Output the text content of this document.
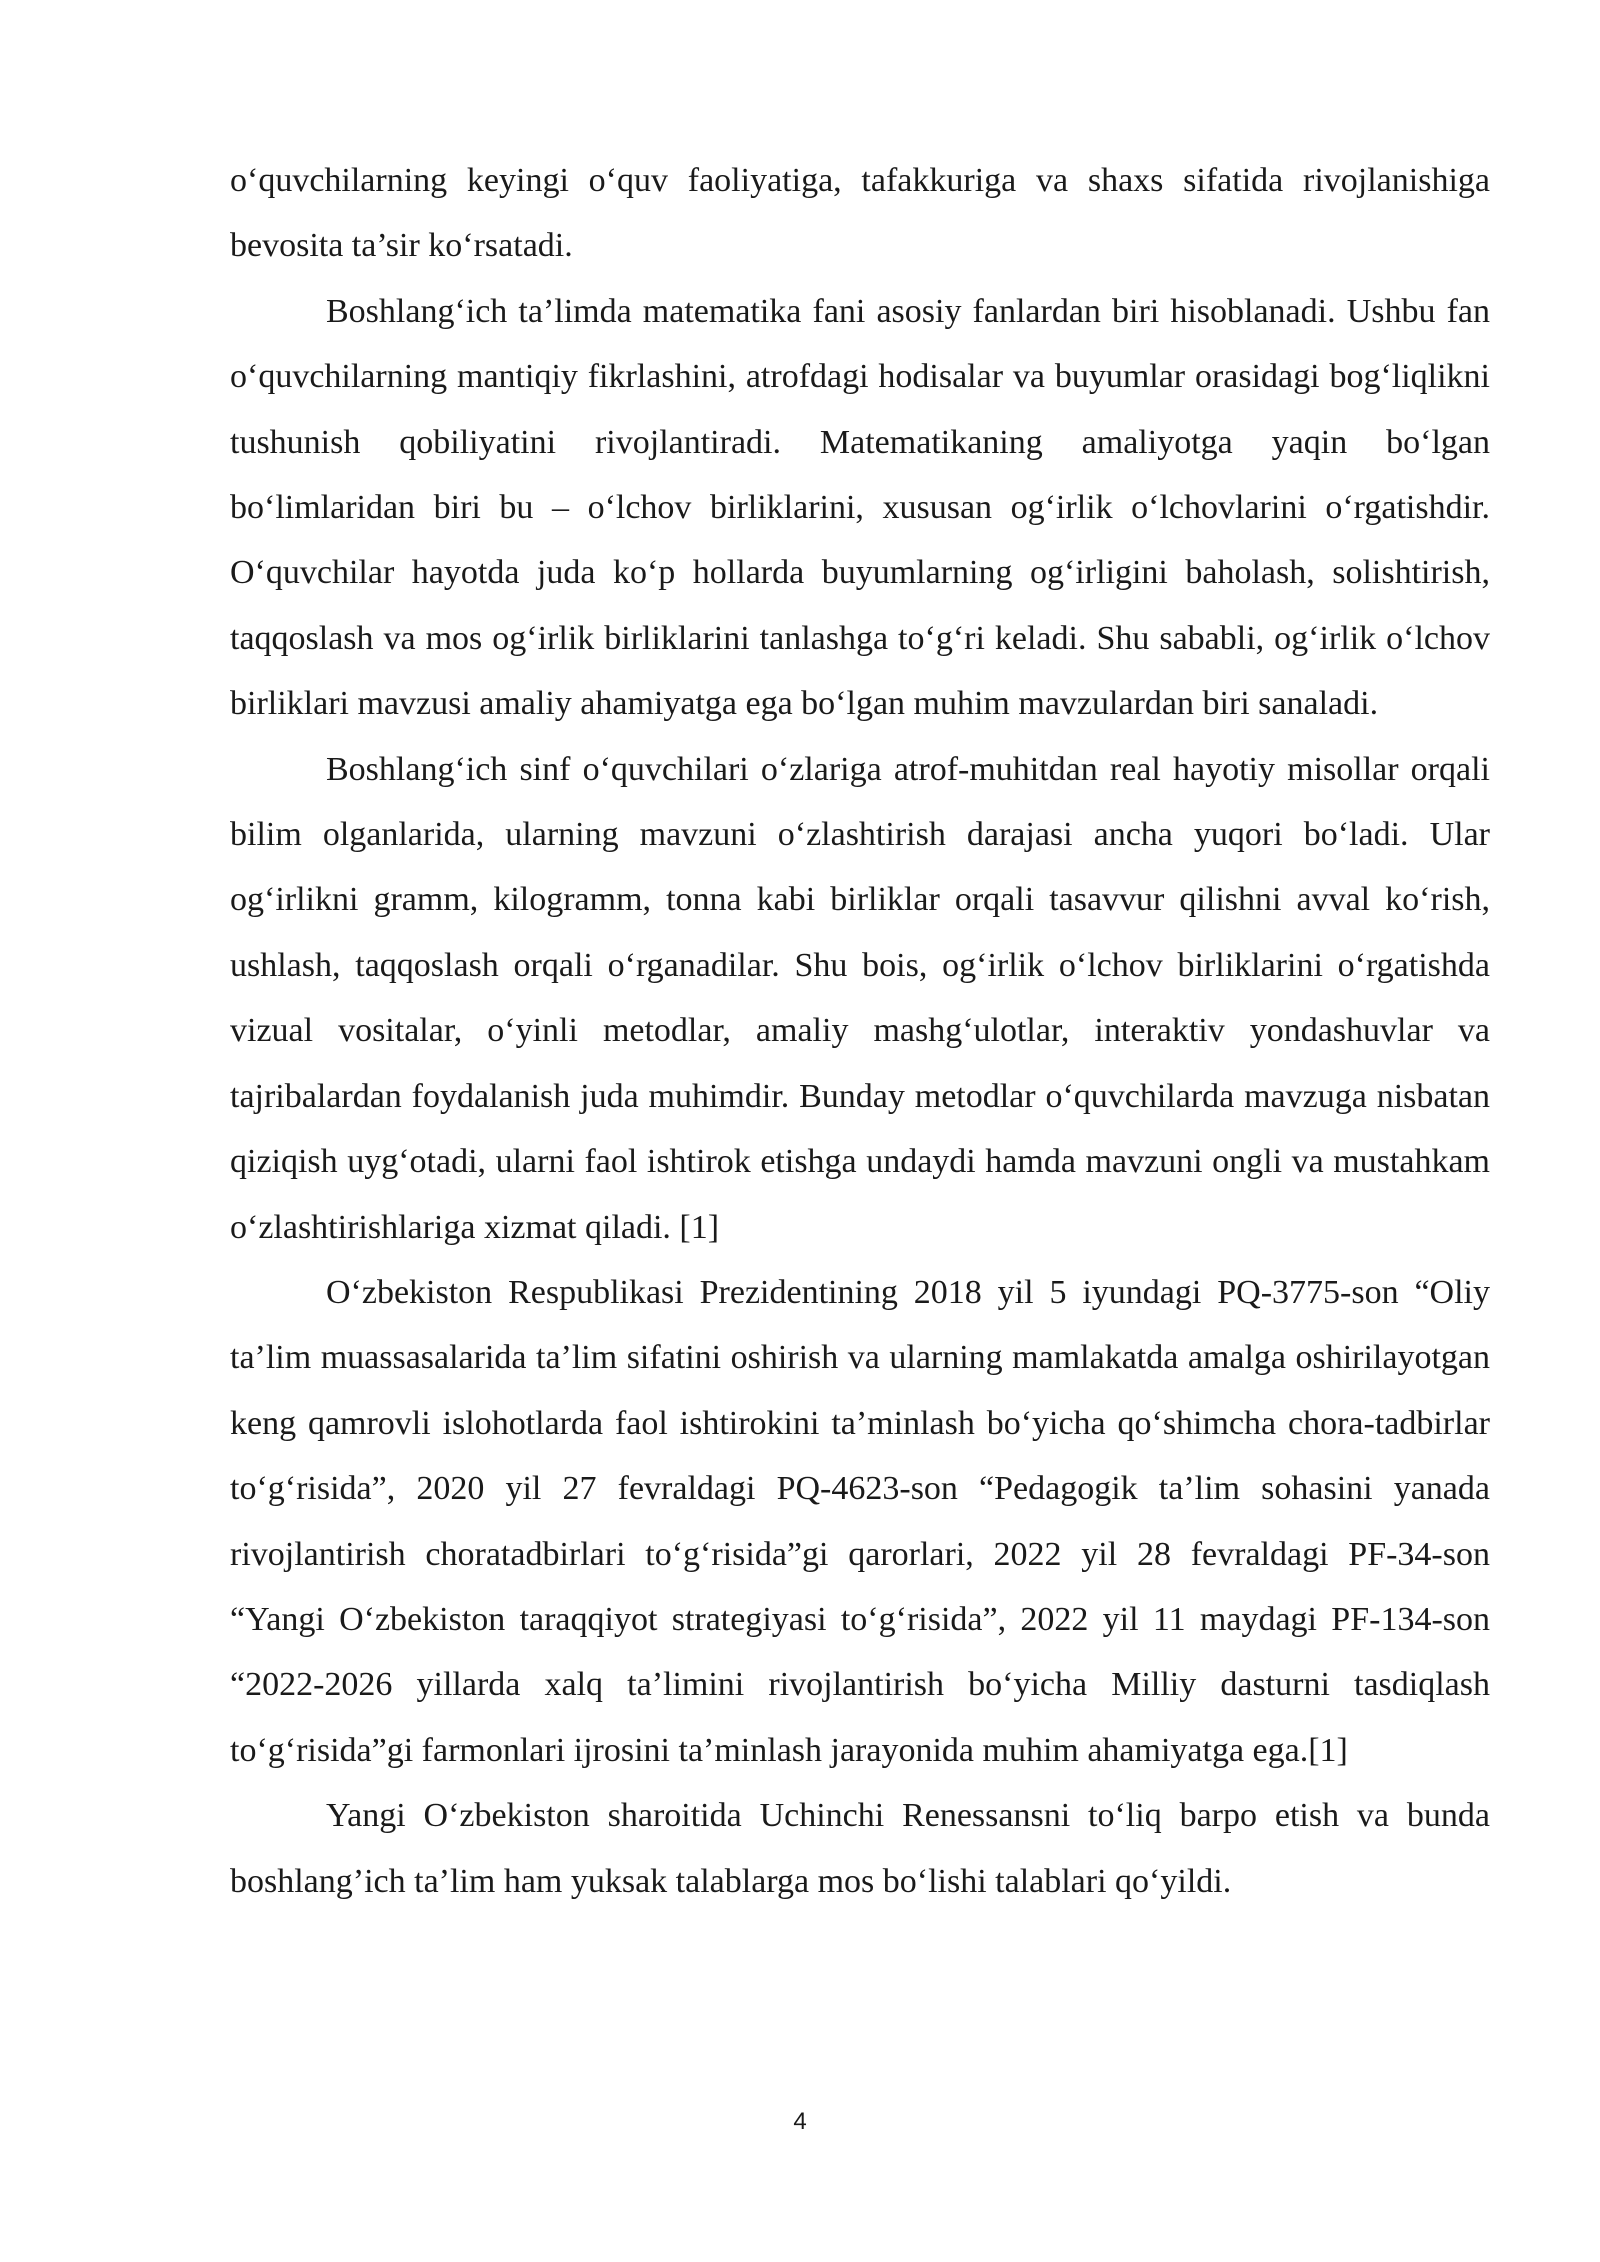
o‘quvchilarning keyingi o‘quv faoliyatiga, tafakkuriga va shaxs sifatida rivojlanishiga bevosita ta’sir ko‘rsatadi.

Boshlang‘ich ta’limda matematika fani asosiy fanlardan biri hisoblanadi. Ushbu fan o‘quvchilarning mantiqiy fikrlashini, atrofdagi hodisalar va buyumlar orasidagi bog‘liqlikni tushunish qobiliyatini rivojlantiradi. Matematikaning amaliyotga yaqin bo‘lgan bo‘limlaridan biri bu – o‘lchov birliklarini, xususan og‘irlik o‘lchovlarini o‘rgatishdir. O‘quvchilar hayotda juda ko‘p hollarda buyumlarning og‘irligini baholash, solishtirish, taqqoslash va mos og‘irlik birliklarini tanlashga to‘g‘ri keladi. Shu sababli, og‘irlik o‘lchov birliklari mavzusi amaliy ahamiyatga ega bo‘lgan muhim mavzulardan biri sanaladi.

Boshlang‘ich sinf o‘quvchilari o‘zlariga atrof-muhitdan real hayotiy misollar orqali bilim olganlarida, ularning mavzuni o‘zlashtirish darajasi ancha yuqori bo‘ladi. Ular og‘irlikni gramm, kilogramm, tonna kabi birliklar orqali tasavvur qilishni avval ko‘rish, ushlash, taqqoslash orqali o‘rganadilar. Shu bois, og‘irlik o‘lchov birliklarini o‘rgatishda vizual vositalar, o‘yinli metodlar, amaliy mashg‘ulotlar, interaktiv yondashuvlar va tajribalardan foydalanish juda muhimdir. Bunday metodlar o‘quvchilarda mavzuga nisbatan qiziqish uyg‘otadi, ularni faol ishtirok etishga undaydi hamda mavzuni ongli va mustahkam o‘zlashtirishlariga xizmat qiladi. [1]

O‘zbekiston Respublikasi Prezidentining 2018 yil 5 iyundagi PQ-3775-son “Oliy ta’lim muassasalarida ta’lim sifatini oshirish va ularning mamlakatda amalga oshirilayotgan keng qamrovli islohotlarda faol ishtirokini ta’minlash bo‘yicha qo‘shimcha chora-tadbirlar to‘g‘risida”, 2020 yil 27 fevraldagi PQ-4623-son “Pedagogik ta’lim sohasini yanada rivojlantirish choratadbirlari to‘g‘risida”gi qarorlari, 2022 yil 28 fevraldagi PF-34-son “Yangi O‘zbekiston taraqqiyot strategiyasi to‘g‘risida”, 2022 yil 11 maydagi PF-134-son “2022-2026 yillarda xalq ta’limini rivojlantirish bo‘yicha Milliy dasturni tasdiqlash to‘g‘risida”gi farmonlari ijrosini ta’minlash jarayonida muhim ahamiyatga ega.[1]

Yangi O‘zbekiston sharoitida Uchinchi Renessansni to‘liq barpo etish va bunda boshlang’ich ta’lim ham yuksak talablarga mos bo‘lishi talablari qo‘yildi.

4
